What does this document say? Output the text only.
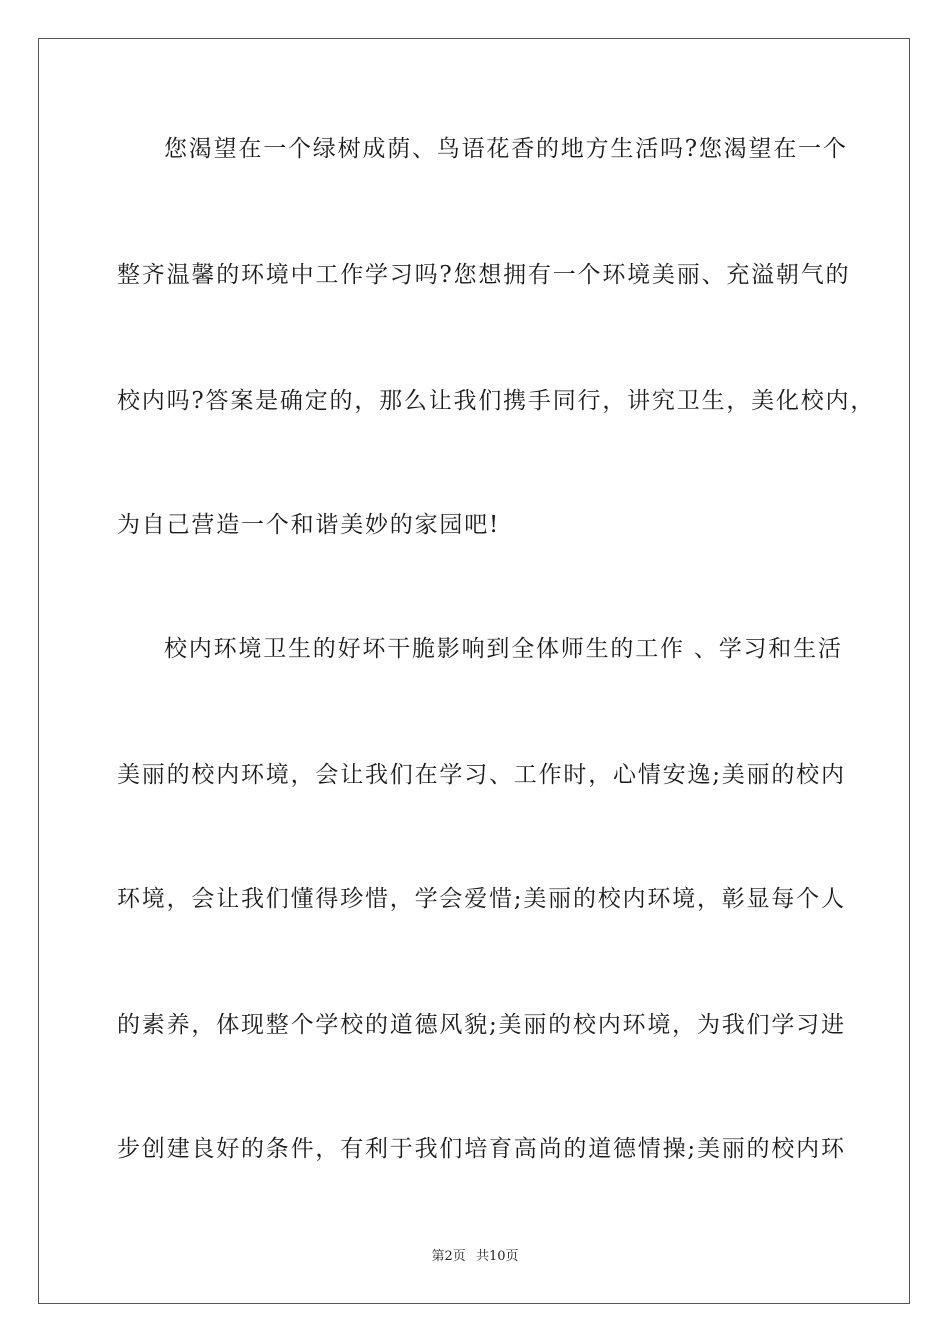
您渴望在一个绿树成荫、鸟语花香的地方生活吗?您渴望在一个
整齐温馨的环境中工作学习吗?您想拥有一个环境美丽、充溢朝气的
校内吗?答案是确定的，那么让我们携手同行，讲究卫生，美化校内，
为自己营造一个和谐美妙的家园吧!
校内环境卫生的好坏干脆影响到全体师生的工作 、学习和生活
美丽的校内环境，会让我们在学习、工作时，心情安逸;美丽的校内
环境，会让我们懂得珍惜，学会爱惜;美丽的校内环境，彰显每个人
的素养，体现整个学校的道德风貌;美丽的校内环境，为我们学习进
步创建良好的条件，有利于我们培育高尚的道德情操;美丽的校内环
第2页 共10页
